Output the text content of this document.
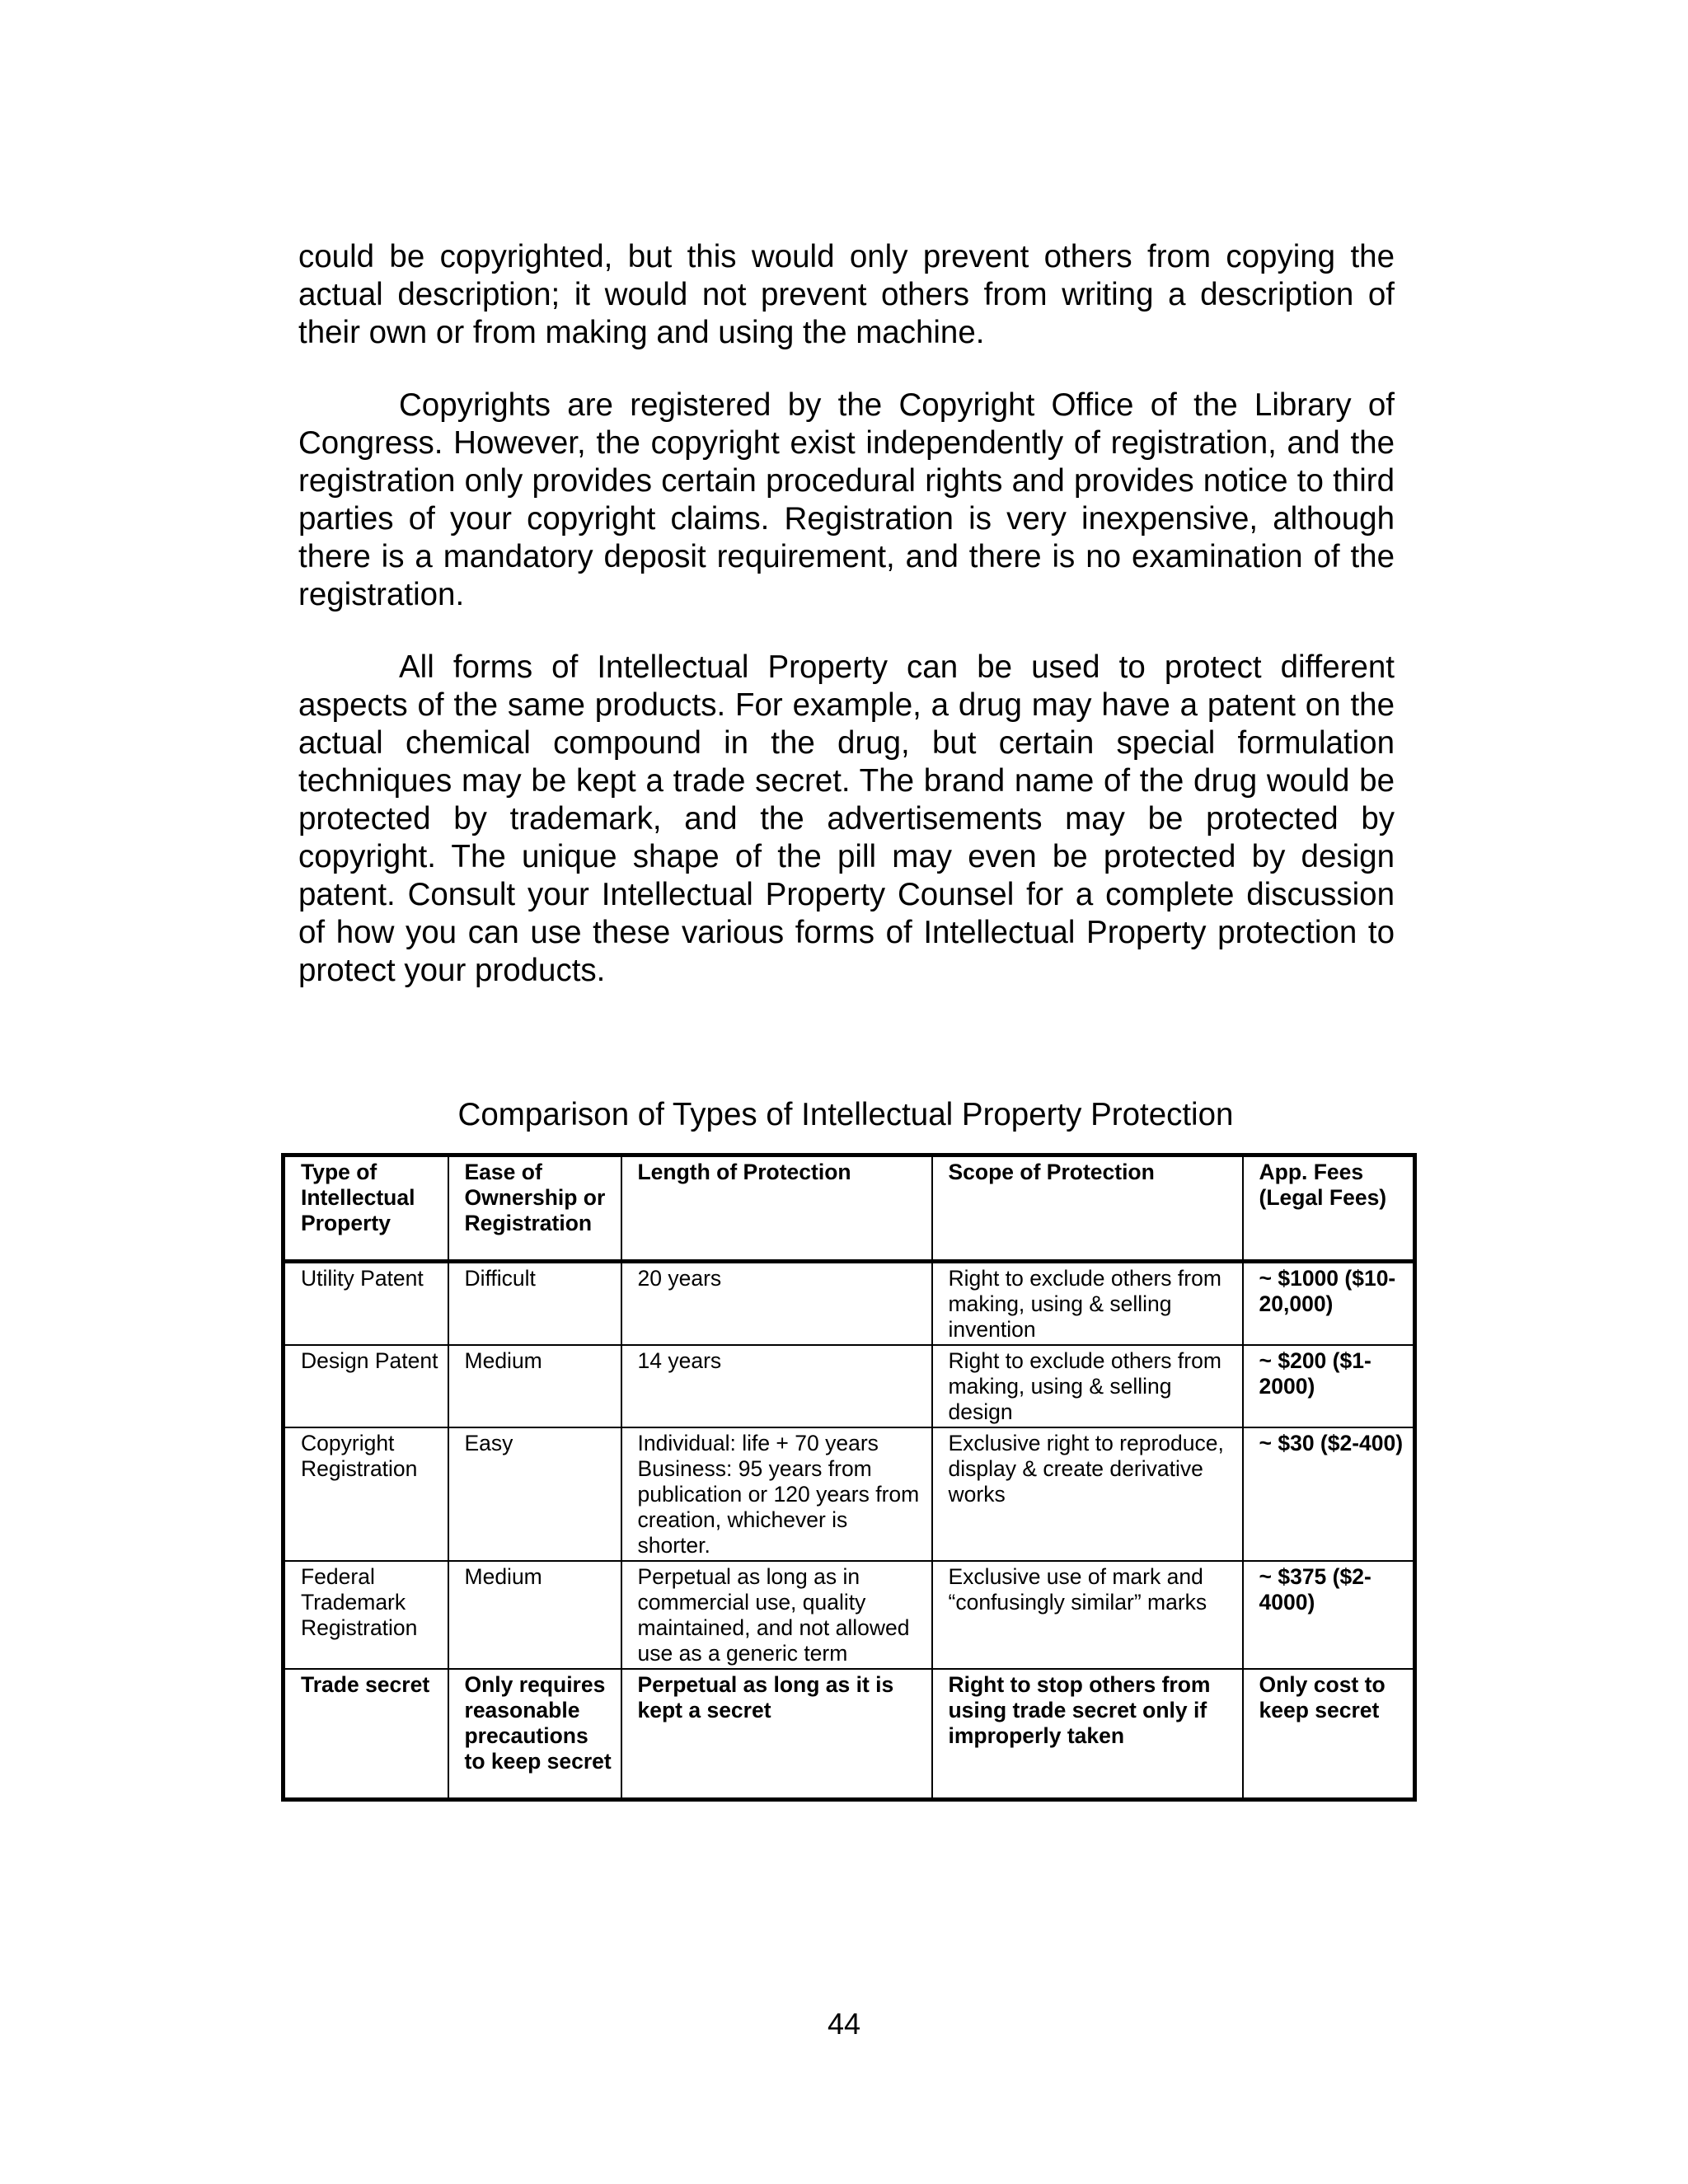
could be copyrighted, but this would only prevent others from copying the actual description; it would not prevent others from writing a description of their own or from making and using the machine.

Copyrights are registered by the Copyright Office of the Library of Congress. However, the copyright exist independently of registration, and the registration only provides certain procedural rights and provides notice to third parties of your copyright claims. Registration is very inexpensive, although there is a mandatory deposit requirement, and there is no examination of the registration.

All forms of Intellectual Property can be used to protect different aspects of the same products. For example, a drug may have a patent on the actual chemical compound in the drug, but certain special formulation techniques may be kept a trade secret. The brand name of the drug would be protected by trademark, and the advertisements may be protected by copyright. The unique shape of the pill may even be protected by design patent. Consult your Intellectual Property Counsel for a complete discussion of how you can use these various forms of Intellectual Property protection to protect your products.

Comparison of Types of Intellectual Property Protection

Type of Intellectual Property	Ease of Ownership or Registration	Length of Protection	Scope of Protection	App. Fees (Legal Fees)
Utility Patent	Difficult	20 years	Right to exclude others from making, using & selling invention	~ $1000 ($10-20,000)
Design Patent	Medium	14 years	Right to exclude others from making, using & selling design	~ $200 ($1-2000)
Copyright Registration	Easy	Individual: life + 70 years Business: 95 years from publication or 120 years from creation, whichever is shorter.	Exclusive right to reproduce, display & create derivative works	~ $30 ($2-400)
Federal Trademark Registration	Medium	Perpetual as long as in commercial use, quality maintained, and not allowed use as a generic term	Exclusive use of mark and “confusingly similar” marks	~ $375 ($2-4000)
Trade secret	Only requires reasonable precautions to keep secret	Perpetual as long as it is kept a secret	Right to stop others from using trade secret only if improperly taken	Only cost to keep secret

44
